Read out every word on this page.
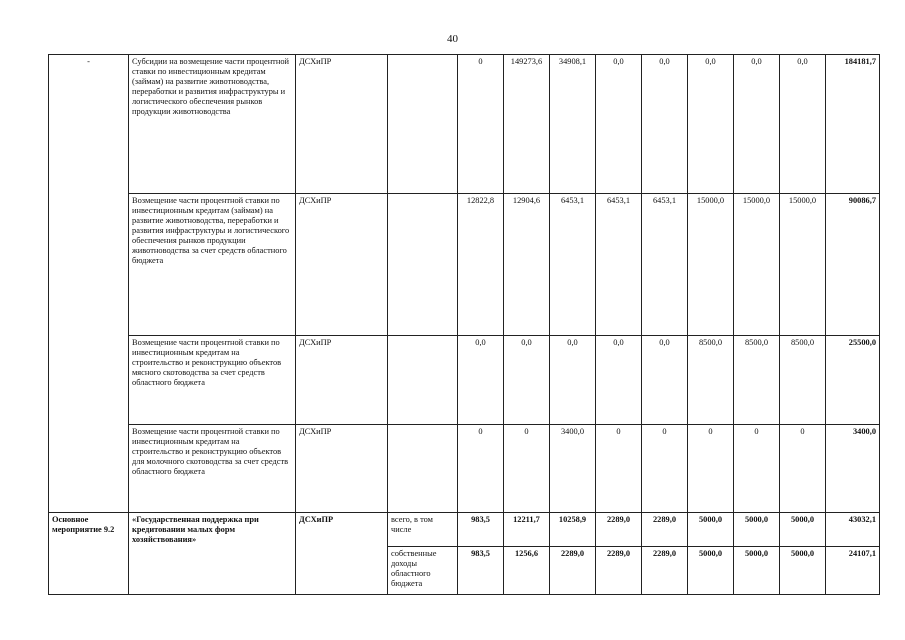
40
-	Субсидии на возмещение части процентной ставки по инвестиционным кредитам (займам) на развитие животноводства, переработки и развития инфраструктуры и логистического обеспечения рынков продукции животноводства	ДСХиПР		0	149273,6	34908,1	0,0	0,0	0,0	0,0	0,0	184181,7
	Возмещение части процентной ставки по инвестиционным кредитам (займам) на развитие животноводства, переработки и развития инфраструктуры и логистического обеспечения рынков продукции животноводства за счет средств областного бюджета	ДСХиПР		12822,8	12904,6	6453,1	6453,1	6453,1	15000,0	15000,0	15000,0	90086,7
	Возмещение части процентной ставки по инвестиционным кредитам на строительство и реконструкцию объектов мясного скотоводства за счет средств областного бюджета	ДСХиПР		0,0	0,0	0,0	0,0	0,0	8500,0	8500,0	8500,0	25500,0
	Возмещение части процентной ставки по инвестиционным кредитам на строительство и реконструкцию объектов для молочного скотоводства за счет средств областного бюджета	ДСХиПР		0	0	3400,0	0	0	0	0	0	3400,0
Основное мероприятие 9.2	«Государственная поддержка при кредитовании малых форм хозяйствования»	ДСХиПР	всего, в том числе	983,5	12211,7	10258,9	2289,0	2289,0	5000,0	5000,0	5000,0	43032,1
			собственные доходы областного бюджета	983,5	1256,6	2289,0	2289,0	2289,0	5000,0	5000,0	5000,0	24107,1
